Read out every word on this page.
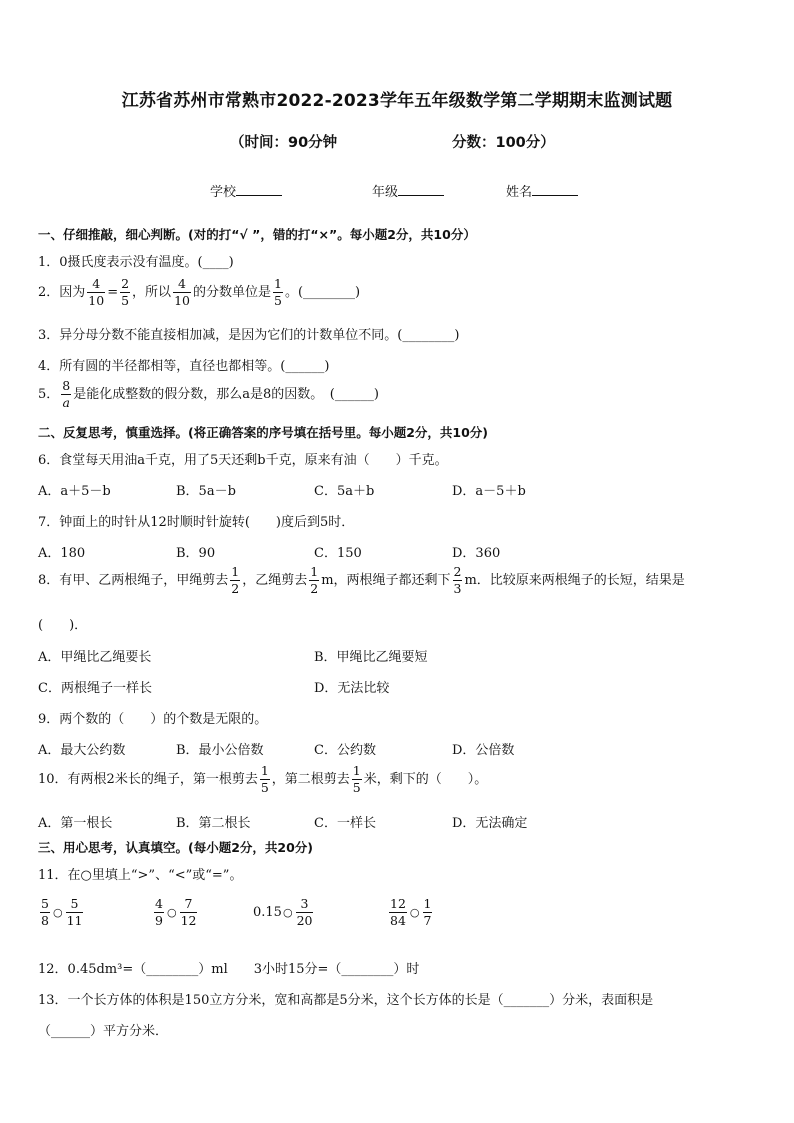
江苏省苏州市常熟市2022-2023学年五年级数学第二学期期末监测试题
（时间：90分钟	分数：100分）
学校	年级	姓名
一、仔细推敲，细心判断。(对的打“√ ”，错的打“×”。每小题2分，共10分）
1．0摄氏度表示没有温度。(____)
2．因为 $\frac{4}{10} = \frac{2}{5}$ ，所以 $\frac{4}{10}$ 的分数单位是 $\frac{1}{5}$ 。(________)
3．异分母分数不能直接相加减，是因为它们的计数单位不同。(________)
4．所有圆的半径都相等，直径也都相等。(______)
5． $\frac{8}{a}$ 是能化成整数的假分数，那么a是8的因数。　(______)
二、反复思考，慎重选择。(将正确答案的序号填在括号里。每小题2分，共10分)
6．食堂每天用油a千克，用了5天还剩b千克，原来有油（　　）千克。
A．a＋5－b	B．5a－b	C．5a＋b	D．a－5＋b
7．钟面上的时针从12时顺时针旋转(　　)度后到5时．
A．180	B．90	C．150	D．360
8．有甲、乙两根绳子，甲绳剪去 $\frac{1}{2}$ ，乙绳剪去 $\frac{1}{2}$ m，两根绳子都还剩下 $\frac{2}{3}$ m．比较原来两根绳子的长短，结果是
(　　)．
A．甲绳比乙绳要长	B．甲绳比乙绳要短
C．两根绳子一样长	D．无法比较
9．两个数的（　　）的个数是无限的。
A．最大公约数	B．最小公倍数	C．公约数	D．公倍数
10．有两根2米长的绳子，第一根剪去 $\frac{1}{5}$ ，第二根剪去 $\frac{1}{5}$ 米，剩下的（　　）。
A．第一根长	B．第二根长	C．一样长	D．无法确定
三、用心思考，认真填空。(每小题2分，共20分)
11．在○里填上“>”、“<”或“=”。
$\frac{5}{8}$ ○ $\frac{5}{11}$	$\frac{4}{9}$ ○ $\frac{7}{12}$	0.15○ $\frac{3}{20}$	$\frac{12}{84}$ ○ $\frac{1}{7}$
12．0.45dm³=（________）ml　　3小时15分=（________）时
13．一个长方体的体积是150立方分米，宽和高都是5分米，这个长方体的长是（_______）分米，表面积是
（______）平方分米．
